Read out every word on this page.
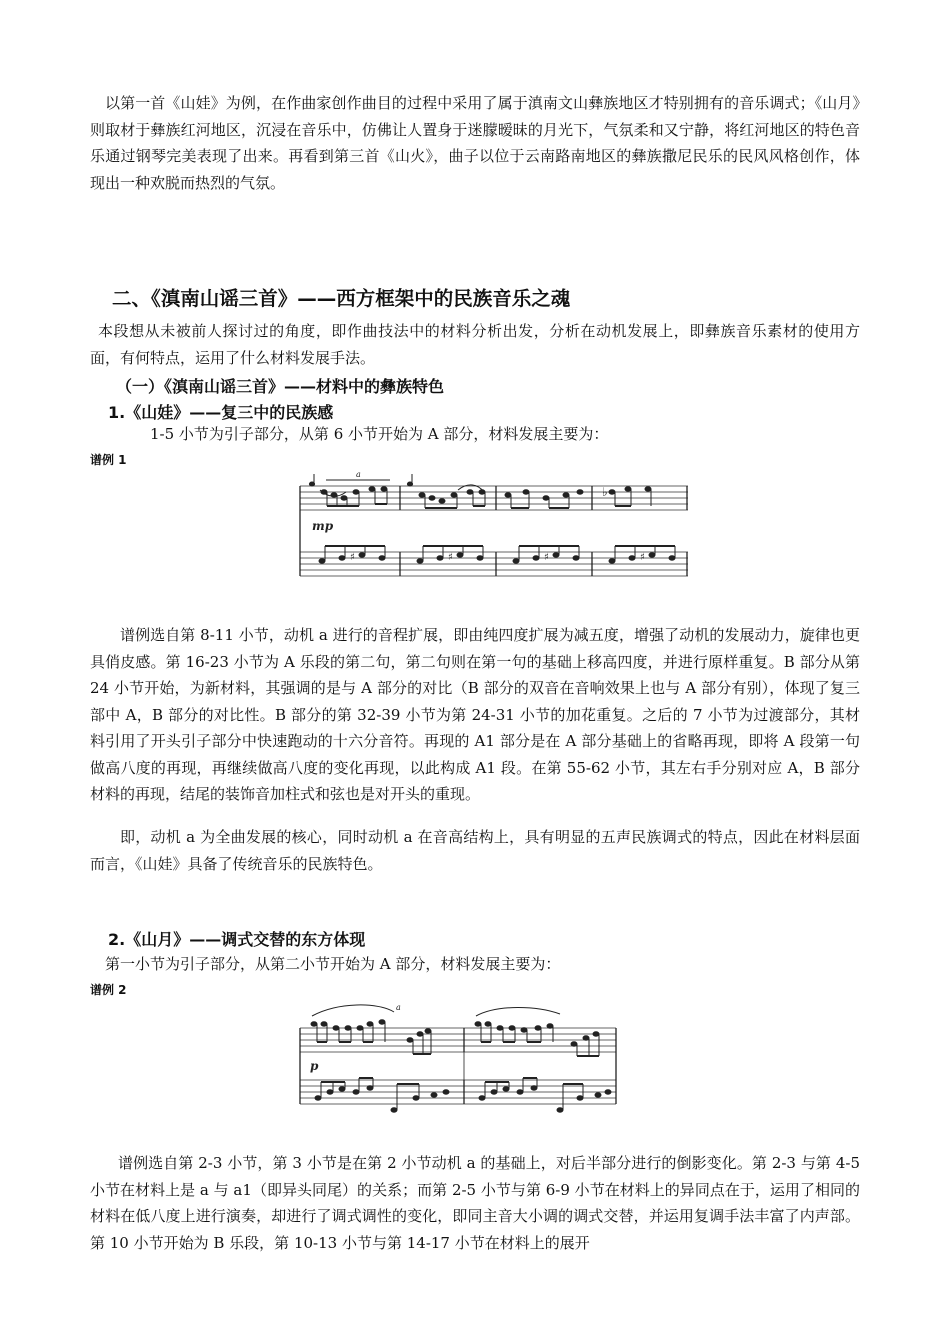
以第一首《山娃》为例，在作曲家创作曲目的过程中采用了属于滇南文山彝族地区才特别拥有的音乐调式；《山月》则取材于彝族红河地区，沉浸在音乐中，仿佛让人置身于迷朦暧昧的月光下，气氛柔和又宁静，将红河地区的特色音乐通过钢琴完美表现了出来。再看到第三首《山火》，曲子以位于云南路南地区的彝族撒尼民乐的民风风格创作，体现出一种欢脱而热烈的气氛。

二、《滇南山谣三首》——西方框架中的民族音乐之魂

本段想从未被前人探讨过的角度，即作曲技法中的材料分析出发，分析在动机发展上，即彝族音乐素材的使用方面，有何特点，运用了什么材料发展手法。

（一）《滇南山谣三首》——材料中的彝族特色
1.《山娃》——复三中的民族感

1-5 小节为引子部分，从第 6 小节开始为 A 部分，材料发展主要为：

谱例 1
♭
mp
a
♯	♯	♯	♯

谱例选自第 8-11 小节，动机 a 进行的音程扩展，即由纯四度扩展为减五度，增强了动机的发展动力，旋律也更具俏皮感。第 16-23 小节为 A 乐段的第二句，第二句则在第一句的基础上移高四度，并进行原样重复。B 部分从第 24 小节开始，为新材料，其强调的是与 A 部分的对比（B 部分的双音在音响效果上也与 A 部分有别），体现了复三部中 A，B 部分的对比性。B 部分的第 32-39 小节为第 24-31 小节的加花重复。之后的 7 小节为过渡部分，其材料引用了开头引子部分中快速跑动的十六分音符。再现的 A1 部分是在 A 部分基础上的省略再现，即将 A 段第一句做高八度的再现，再继续做高八度的变化再现，以此构成 A1 段。在第 55-62 小节，其左右手分别对应 A，B 部分材料的再现，结尾的装饰音加柱式和弦也是对开头的重现。

即，动机 a 为全曲发展的核心，同时动机 a 在音高结构上，具有明显的五声民族调式的特点，因此在材料层面而言，《山娃》具备了传统音乐的民族特色。

2.《山月》——调式交替的东方体现

第一小节为引子部分，从第二小节开始为 A 部分，材料发展主要为：

谱例 2
p
a

谱例选自第 2-3 小节，第 3 小节是在第 2 小节动机 a 的基础上，对后半部分进行的倒影变化。第 2-3 与第 4-5 小节在材料上是 a 与 a1（即异头同尾）的关系；而第 2-5 小节与第 6-9 小节在材料上的异同点在于，运用了相同的材料在低八度上进行演奏，却进行了调式调性的变化，即同主音大小调的调式交替，并运用复调手法丰富了内声部。第 10 小节开始为 B 乐段，第 10-13 小节与第 14-17 小节在材料上的展开
